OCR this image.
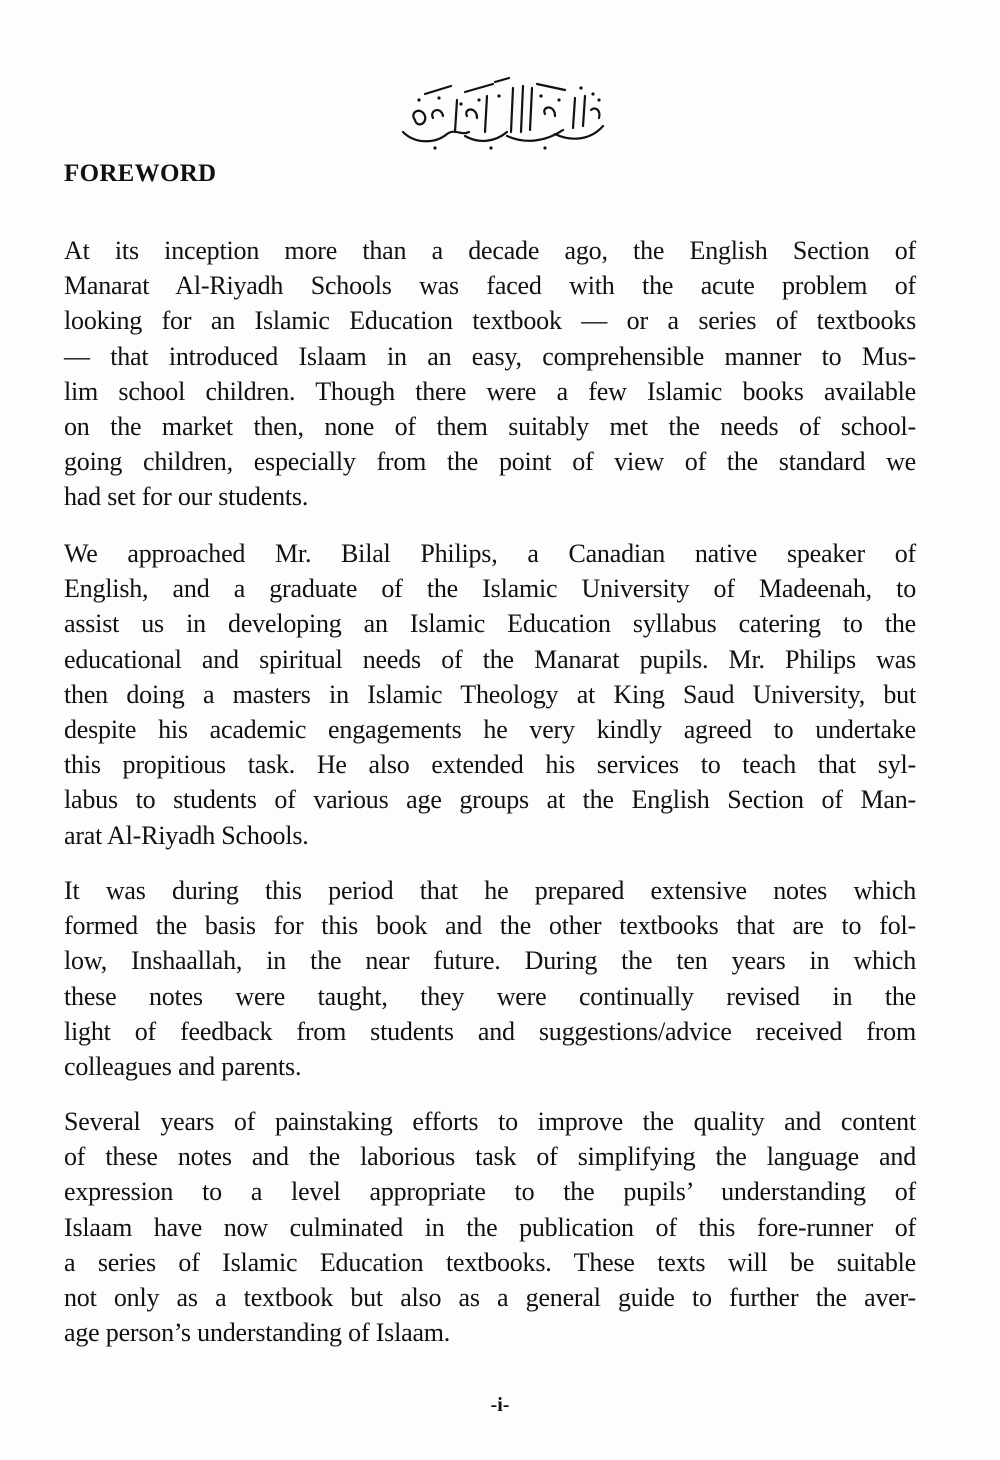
FOREWORD
At its inception more than a decade ago, the English Section of
Manarat Al-Riyadh Schools was faced with the acute problem of
looking for an Islamic Education textbook — or a series of textbooks
— that introduced Islaam in an easy, comprehensible manner to Mus-
lim school children. Though there were a few Islamic books available
on the market then, none of them suitably met the needs of school-
going children, especially from the point of view of the standard we
had set for our students.
We approached Mr. Bilal Philips, a Canadian native speaker of
English, and a graduate of the Islamic University of Madeenah, to
assist us in developing an Islamic Education syllabus catering to the
educational and spiritual needs of the Manarat pupils. Mr. Philips was
then doing a masters in Islamic Theology at King Saud University, but
despite his academic engagements he very kindly agreed to undertake
this propitious task. He also extended his services to teach that syl-
labus to students of various age groups at the English Section of Man-
arat Al-Riyadh Schools.
It was during this period that he prepared extensive notes which
formed the basis for this book and the other textbooks that are to fol-
low, Inshaallah, in the near future. During the ten years in which
these notes were taught, they were continually revised in the
light of feedback from students and suggestions/advice received from
colleagues and parents.
Several years of painstaking efforts to improve the quality and content
of these notes and the laborious task of simplifying the language and
expression to a level appropriate to the pupils’ understanding of
Islaam have now culminated in the publication of this fore-runner of
a series of Islamic Education textbooks. These texts will be suitable
not only as a textbook but also as a general guide to further the aver-
age person’s understanding of Islaam.
-i-
